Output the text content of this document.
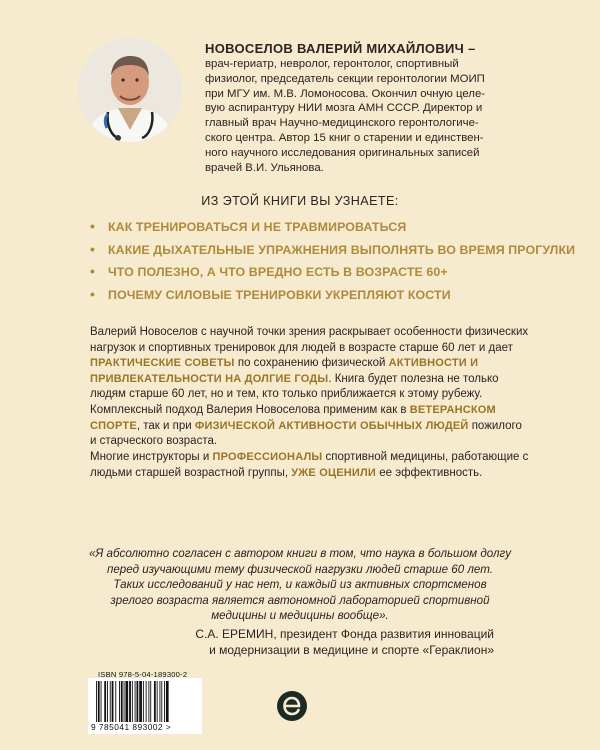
НОВОСЕЛОВ ВАЛЕРИЙ МИХАЙЛОВИЧ –
врач-гериатр, невролог, геронтолог, спортивный
физиолог, председатель секции геронтологии МОИП
при МГУ им. М.В. Ломоносова. Окончил очную целе-
вую аспирантуру НИИ мозга АМН СССР. Директор и
главный врач Научно-медицинского геронтологиче-
ского центра. Автор 15 книг о старении и единствен-
ного научного исследования оригинальных записей
врачей В.И. Ульянова.
ИЗ ЭТОЙ КНИГИ ВЫ УЗНАЕТЕ:
• КАК ТРЕНИРОВАТЬСЯ И НЕ ТРАВМИРОВАТЬСЯ
• КАКИЕ ДЫХАТЕЛЬНЫЕ УПРАЖНЕНИЯ ВЫПОЛНЯТЬ ВО ВРЕМЯ ПРОГУЛКИ
• ЧТО ПОЛЕЗНО, А ЧТО ВРЕДНО ЕСТЬ В ВОЗРАСТЕ 60+
• ПОЧЕМУ СИЛОВЫЕ ТРЕНИРОВКИ УКРЕПЛЯЮТ КОСТИ
Валерий Новоселов с научной точки зрения раскрывает особенности физических нагрузок и спортивных тренировок для людей в возрасте старше 60 лет и дает ПРАКТИЧЕСКИЕ СОВЕТЫ по сохранению физической АКТИВНОСТИ И ПРИВЛЕКАТЕЛЬНОСТИ НА ДОЛГИЕ ГОДЫ. Книга будет полезна не только людям старше 60 лет, но и тем, кто только приближается к этому рубежу.
Комплексный подход Валерия Новоселова применим как в ВЕТЕРАНСКОМ СПОРТЕ, так и при ФИЗИЧЕСКОЙ АКТИВНОСТИ ОБЫЧНЫХ ЛЮДЕЙ пожилого и старческого возраста.
Многие инструкторы и ПРОФЕССИОНАЛЫ спортивной медицины, работающие с людьми старшей возрастной группы, УЖЕ ОЦЕНИЛИ ее эффективность.
«Я абсолютно согласен с автором книги в том, что наука в большом долгу
перед изучающими тему физической нагрузки людей старше 60 лет.
Таких исследований у нас нет, и каждый из активных спортсменов
зрелого возраста является автономной лабораторией спортивной
медицины и медицины вообще».
С.А. ЕРЕМИН, президент Фонда развития инноваций
и модернизации в медицине и спорте «Гераклион»
ISBN 978-5-04-189300-2
9 785041 893002 >
